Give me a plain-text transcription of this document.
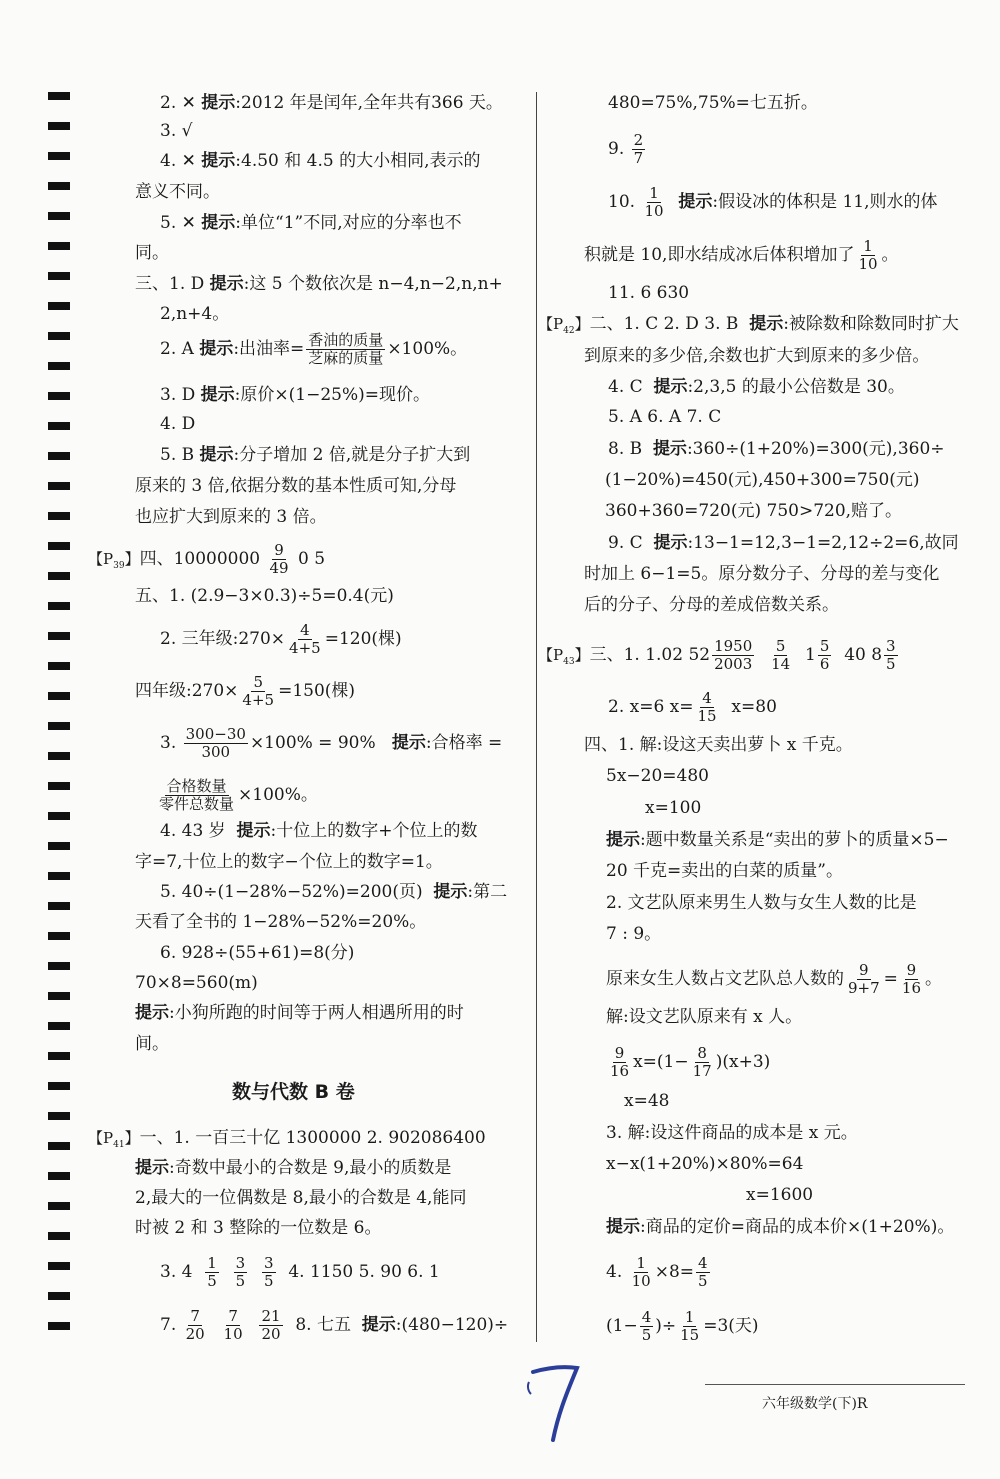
2. ✕ 提示:2012 年是闰年,全年共有366 天。
3. √
4. ✕ 提示:4.50 和 4.5 的大小相同,表示的
意义不同。
5. ✕ 提示:单位“1”不同,对应的分率也不
同。
三、1. D 提示:这 5 个数依次是 n−4,n−2,n,n+
2,n+4。
2. A 提示:出油率= 香油的质量
芝麻的质量 ×100%。
3. D 提示:原价×(1−25%)=现价。
4. D
5. B 提示:分子增加 2 倍,就是分子扩大到
原来的 3 倍,依据分数的基本性质可知,分母
也应扩大到原来的 3 倍。
【$P_{39}$】四、$10000000 \frac{9}{49} 0$ 5
五、1. (2.9−3×0.3)÷5=0.4(元)
2. 三年级:270× $\frac{4}{4+5} =120$(棵)
四年级:270× $\frac{5}{4+5} =150$(棵)
3. $\frac{300-30}{300} \times 100\% = 90\%$ 提示:合格率 =
合格数量
零件总数量 ×100%。
4. 43 岁 提示:十位上的数字+个位上的数
字=7,十位上的数字−个位上的数字=1。
5. 40÷(1−28%−52%)=200(页) 提示:第二
天看了全书的 1−28%−52%=20%。
6. 928÷(55+61)=8(分)
70×8=560(m)
提示:小狗所跑的时间等于两人相遇所用的时
间。
数与代数 B 卷
【$P_{41}$】一、1. 一百三十亿 1300000 2. 902086400
提示:奇数中最小的合数是 9,最小的质数是
2,最大的一位偶数是 8,最小的合数是 4,能同
时被 2 和 3 整除的一位数是 6。
3. $4 \frac{1}{5}$
$\frac{3}{5}$
$\frac{3}{5} 4$. 1150 5. 90 6. 1
7. $\frac{7}{20}$
$\frac{7}{10}$
$\frac{21}{20} 8$. 七五 提示:(480−120)÷
480=75%,75%=七五折。
9. $\frac{2}{7}$
10. $\frac{1}{10}$ 提示:假设冰的体积是 11,则水的体
积就是 10,即水结成冰后体积增加了 $\frac{1}{10}$ 。
11. 6 630
【$P_{42}$】二、1. C 2. D 3. B 提示:被除数和除数同时扩大
到原来的多少倍,余数也扩大到原来的多少倍。
4. C 提示:2,3,5 的最小公倍数是 30。
5. A 6. A 7. C
8. B 提示:360÷(1+20%)=300(元),360÷
(1−20%)=450(元),450+300=750(元)
360+360=720(元) 750>720,赔了。
9. C 提示:13−1=12,3−1=2,12÷2=6,故同
时加上 6−1=5。原分数分子、分母的差与变化
后的分子、分母的差成倍数关系。
【$P_{43}$】三、1. 1.02 $52 \frac{1950}{2003}$
$\frac{5}{14} 1 \frac{5}{6} 40$ $8 \frac{3}{5}$
2. x=6 $x= \frac{4}{15} x=80$
四、1. 解:设这天卖出萝卜 x 千克。
5x−20=480
x=100
提示:题中数量关系是“卖出的萝卜的质量×5−
20 千克=卖出的白菜的质量”。
2. 文艺队原来男生人数与女生人数的比是
7 : 9。
原来女生人数占文艺队总人数的 $\frac{9}{9+7} = \frac{9}{16}$ 。
解:设文艺队原来有 x 人。
$\frac{9}{16} x=(1- \frac{8}{17} )(x+3)$
x=48
3. 解:设这件商品的成本是 x 元。
x−x(1+20%)×80%=64
x=1600
提示:商品的定价=商品的成本价×(1+20%)。
4. $\frac{1}{10} \times 8= \frac{4}{5}$
($1- \frac{4}{5}$ )÷ $\frac{1}{15} =3$(天)
六年级数学(下)R
